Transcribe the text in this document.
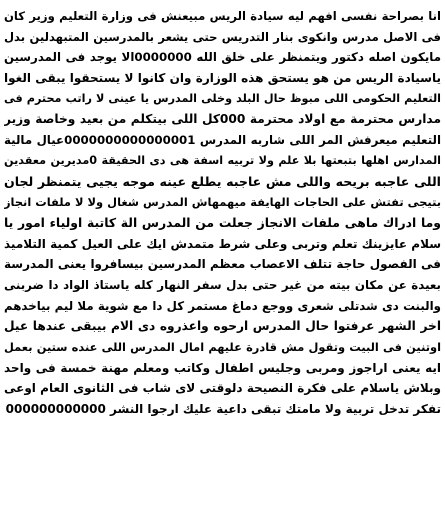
انا بصراحة نفسى افهم ليه سيادة الريس مبيعنش فى وزارة التعليم وزير كان
فى الاصل مدرس وانكوى بنار التدريس حتى يشعر بالمدرسين المتبهدلين بدل
مايكون اصله دكتور ويتمنظر على خلق الله 0000000الا يوجد فى المدرسين
ياسيادة الريس من هو يستحق هذه الوزارة وان كانوا لا يستحقوا يبقى الغوا
التعليم الحكومى اللى مبوظ حال البلد وخلى المدرس يا عينى لا راتب محترم فى
مدارس محترمة مع اولاد محترمة 000كل اللى بيتكلم من بعيد وخاصة وزير
التعليم ميعرفش المر اللى شاربه المدرس 0000000000000001عيال مالية
المدارس اهلها بتبعتها بلا علم ولا تربيه اسفة هى دى الحقيقة 0مديرين معقدين
اللى عاجبه بريحه واللى مش عاجبه يطلع عينه موجه يجيى يتمنظر لجان
بتيجى تفتش على الحاجات الهايفة ميهمهاش المدرس شغال ولا لا ملفات انجاز
وما ادراك ماهى ملفات الانجاز جعلت من المدرس الة كاتبة اولياء امور يا
سلام عايزينك تعلم وتربى وعلى شرط متمدش ايك على العيل كمية التلاميذ
فى الفصول حاجة تتلف الاعصاب معظم المدرسين بيسافروا يعنى المدرسة
بعيدة عن مكان بيته من غير حتى بدل سفر النهار كله ياستاذ الواد دا ضربنى
والبنت دى شدتلى شعرى ووجع دماغ مستمر كل دا مع شوية ملا ليم بياخدهم
اخر الشهر عرفتوا حال المدرس ارحوه واعذروه دى الام بيبقى عندها عيل
اوتنين فى البيت وتقول مش قادرة عليهم امال المدرس اللى عنده ستين بعمل
ايه يعنى اراجوز ومربى وجليس اطفال وكاتب ومعلم مهنة خمسة فى واحد
وبلاش ياسلام على فكرة النصيحة دلوقتى لاى شاب فى الثانوى العام اوعى
تفكر تدخل تربية ولا مامتك تبقى داعية عليك ارجوا النشر 000000000000
